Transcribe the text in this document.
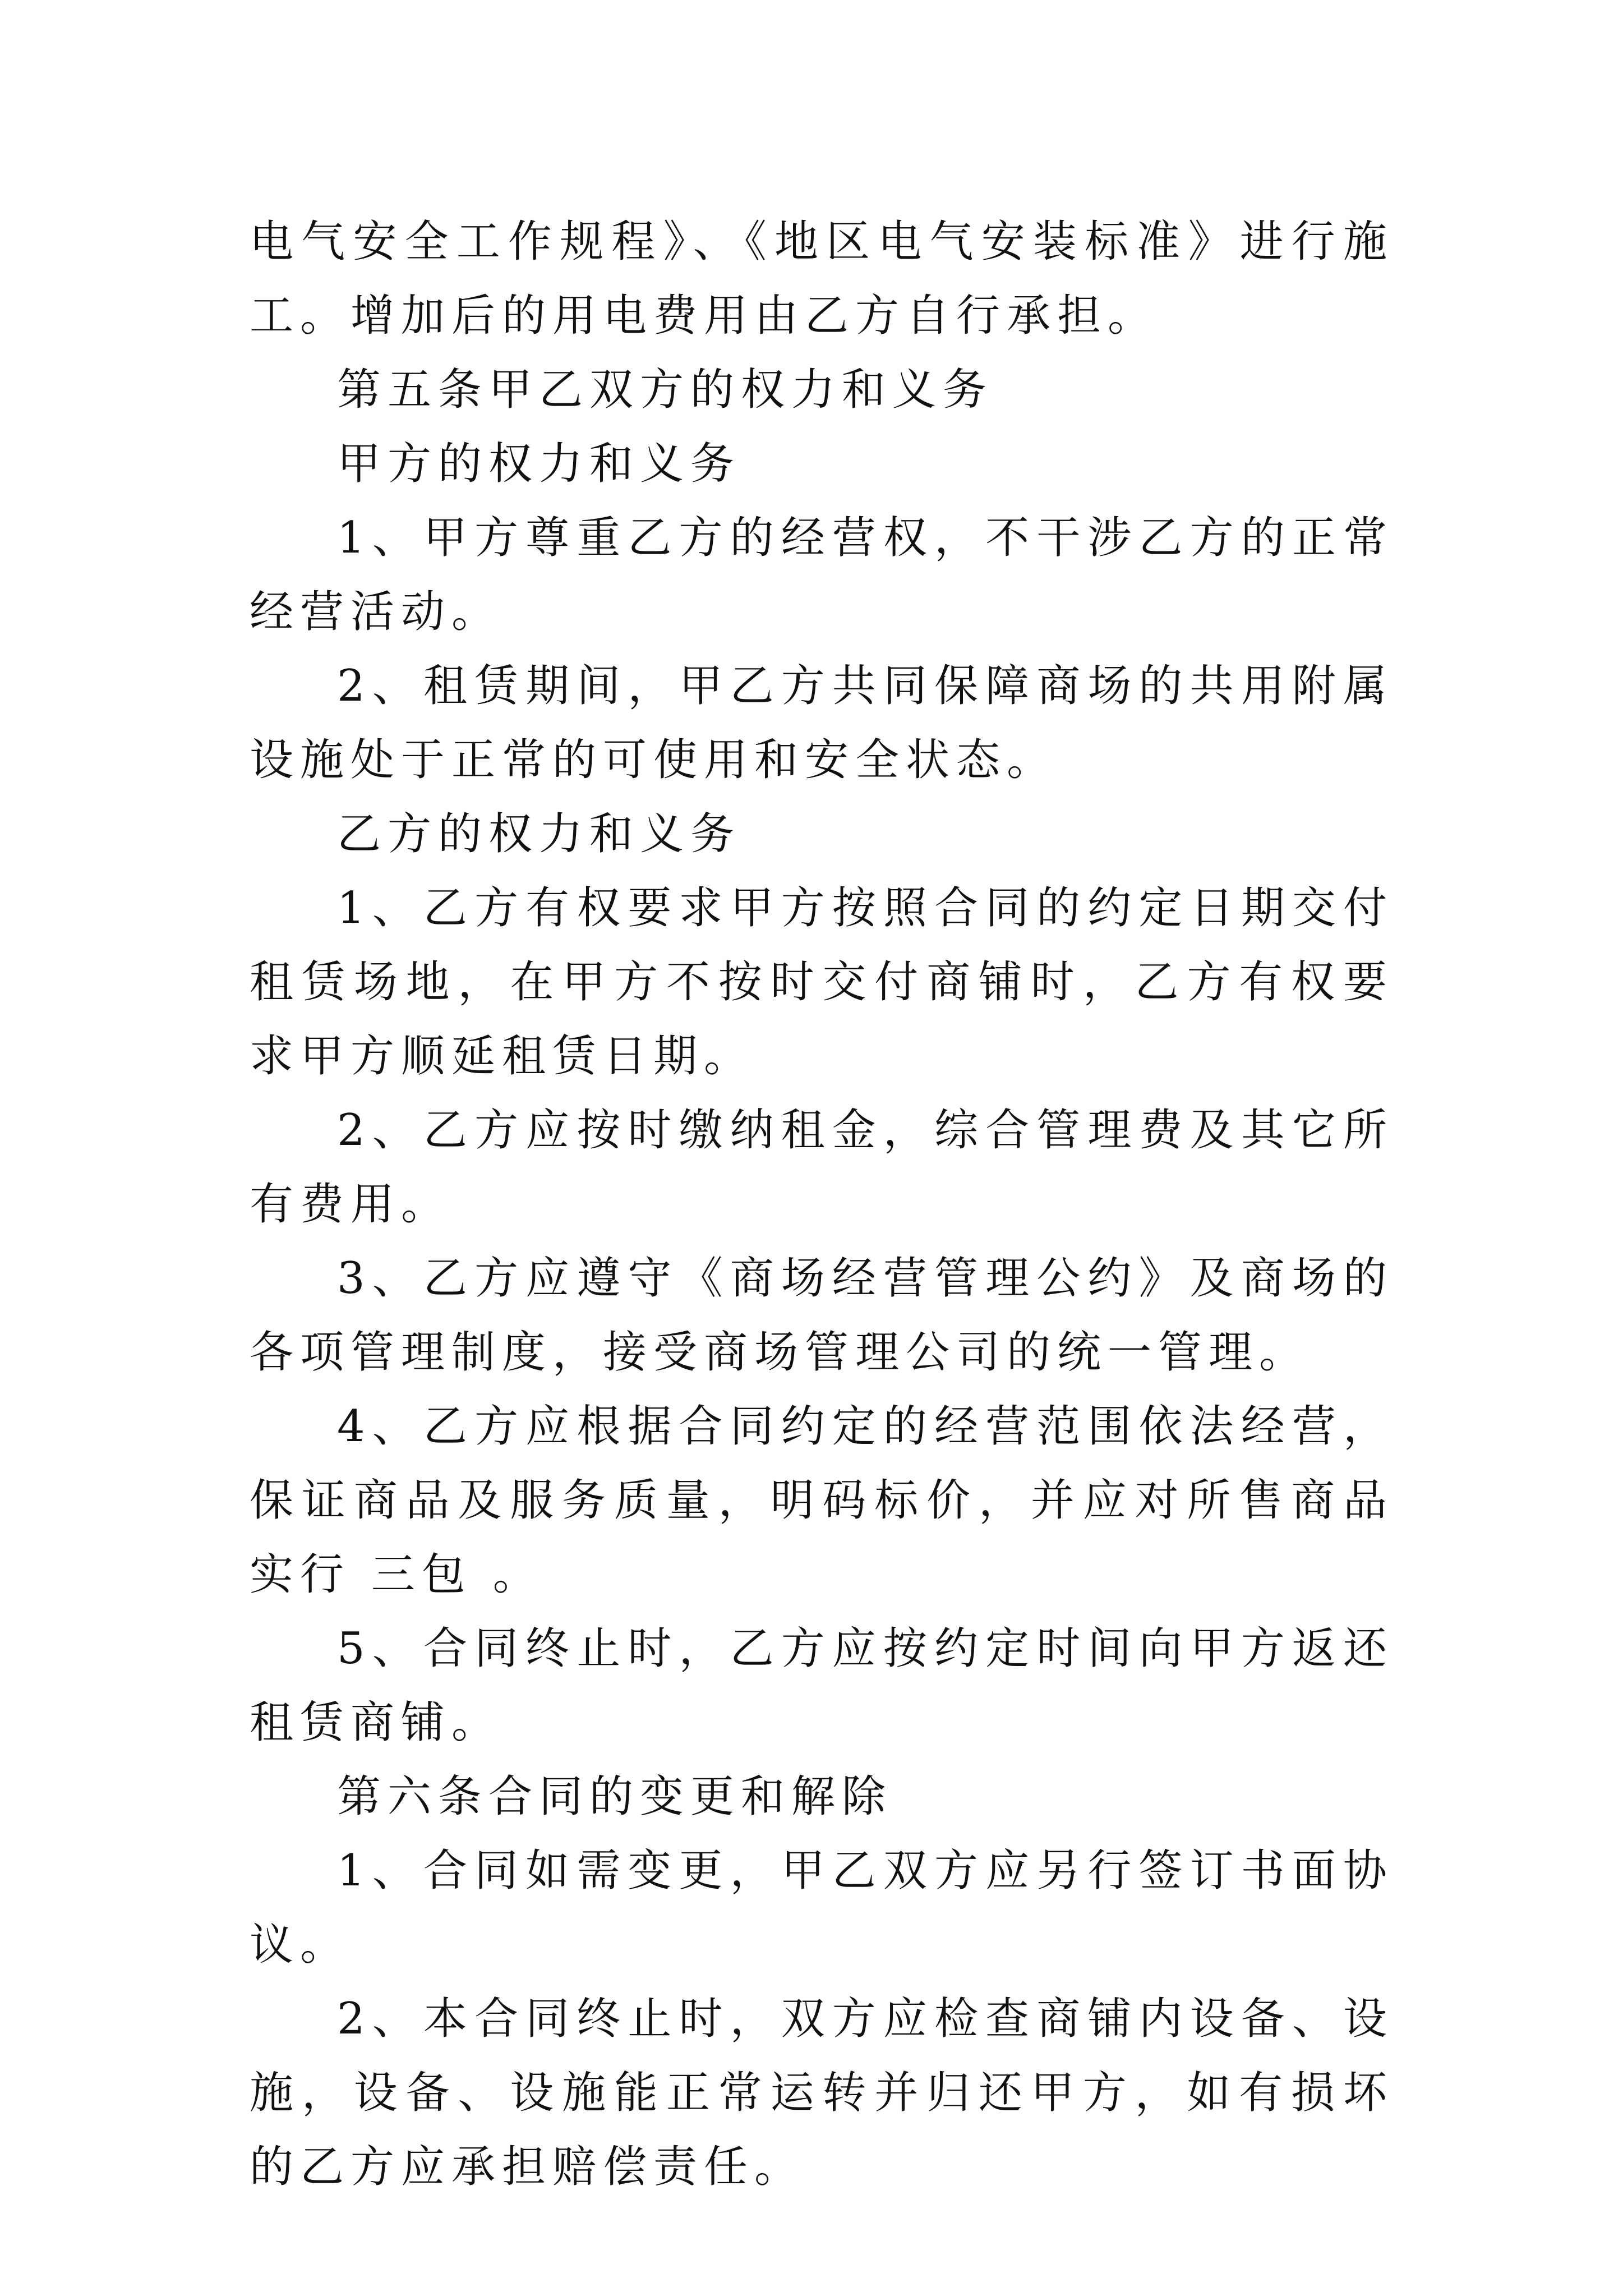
电气安全工作规程》、《地区电气安装标准》进行施工。增加后的用电费用由乙方自行承担。

第五条甲乙双方的权力和义务

甲方的权力和义务

1、甲方尊重乙方的经营权，不干涉乙方的正常经营活动。

2、租赁期间，甲乙方共同保障商场的共用附属设施处于正常的可使用和安全状态。

乙方的权力和义务

1、乙方有权要求甲方按照合同的约定日期交付租赁场地，在甲方不按时交付商铺时，乙方有权要求甲方顺延租赁日期。

2、乙方应按时缴纳租金，综合管理费及其它所有费用。

3、乙方应遵守《商场经营管理公约》及商场的各项管理制度，接受商场管理公司的统一管理。

4、乙方应根据合同约定的经营范围依法经营，保证商品及服务质量，明码标价，并应对所售商品实行 三包 。

5、合同终止时，乙方应按约定时间向甲方返还租赁商铺。

第六条合同的变更和解除

1、合同如需变更，甲乙双方应另行签订书面协议。

2、本合同终止时，双方应检查商铺内设备、设施，设备、设施能正常运转并归还甲方，如有损坏的乙方应承担赔偿责任。
